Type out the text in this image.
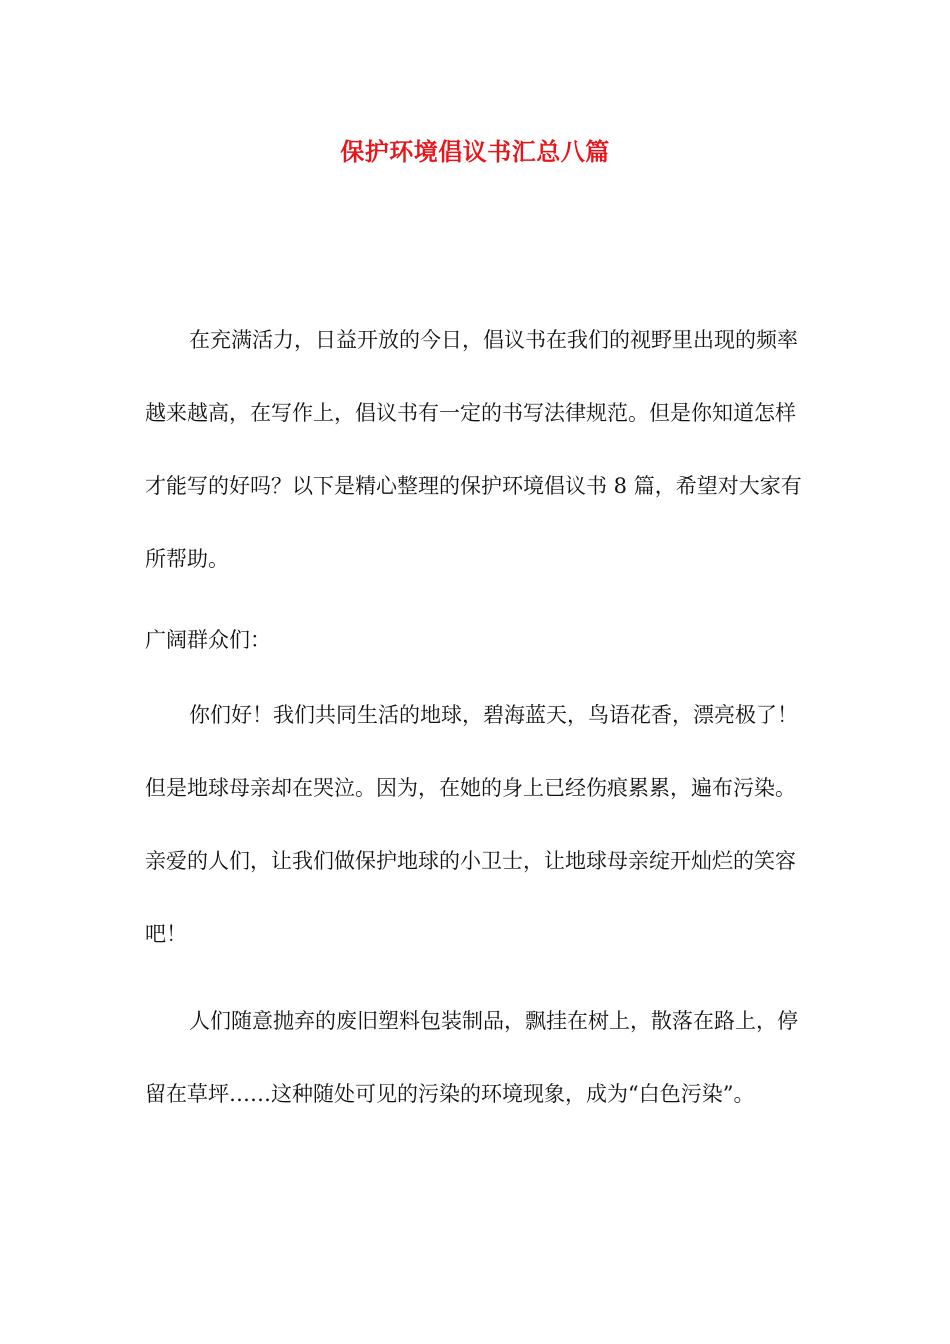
保护环境倡议书汇总八篇

在充满活力，日益开放的今日，倡议书在我们的视野里出现的频率越来越高，在写作上，倡议书有一定的书写法律规范。但是你知道怎样才能写的好吗？以下是精心整理的保护环境倡议书 8 篇，希望对大家有所帮助。

广阔群众们：

你们好！我们共同生活的地球，碧海蓝天，鸟语花香，漂亮极了！但是地球母亲却在哭泣。因为，在她的身上已经伤痕累累，遍布污染。亲爱的人们，让我们做保护地球的小卫士，让地球母亲绽开灿烂的笑容吧！

人们随意抛弃的废旧塑料包装制品，飘挂在树上，散落在路上，停留在草坪……这种随处可见的污染的环境现象，成为“白色污染”。
